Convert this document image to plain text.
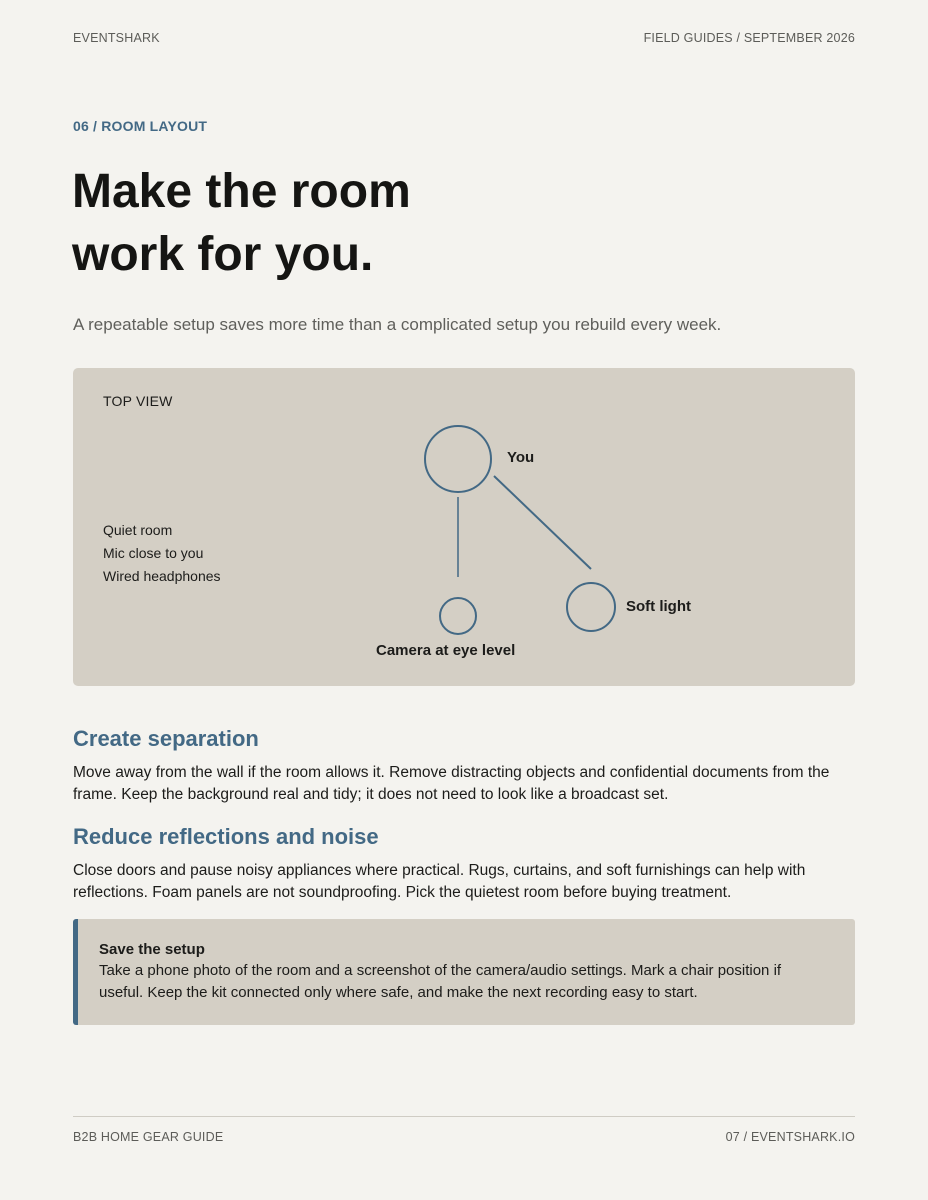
EVENTSHARK	FIELD GUIDES / SEPTEMBER 2026
06 / ROOM LAYOUT
Make the room
work for you.

A repeatable setup saves more time than a complicated setup you rebuild every week.

TOP VIEW
Quiet room
Mic close to you
Wired headphones
You
Camera at eye level
Soft light
Create separation

Move away from the wall if the room allows it. Remove distracting objects and confidential documents from the frame. Keep the background real and tidy; it does not need to look like a broadcast set.

Reduce reflections and noise

Close doors and pause noisy appliances where practical. Rugs, curtains, and soft furnishings can help with reflections. Foam panels are not soundproofing. Pick the quietest room before buying treatment.

Save the setup

Take a phone photo of the room and a screenshot of the camera/audio settings. Mark a chair position if useful. Keep the kit connected only where safe, and make the next recording easy to start.

B2B HOME GEAR GUIDE	07 / EVENTSHARK.IO
